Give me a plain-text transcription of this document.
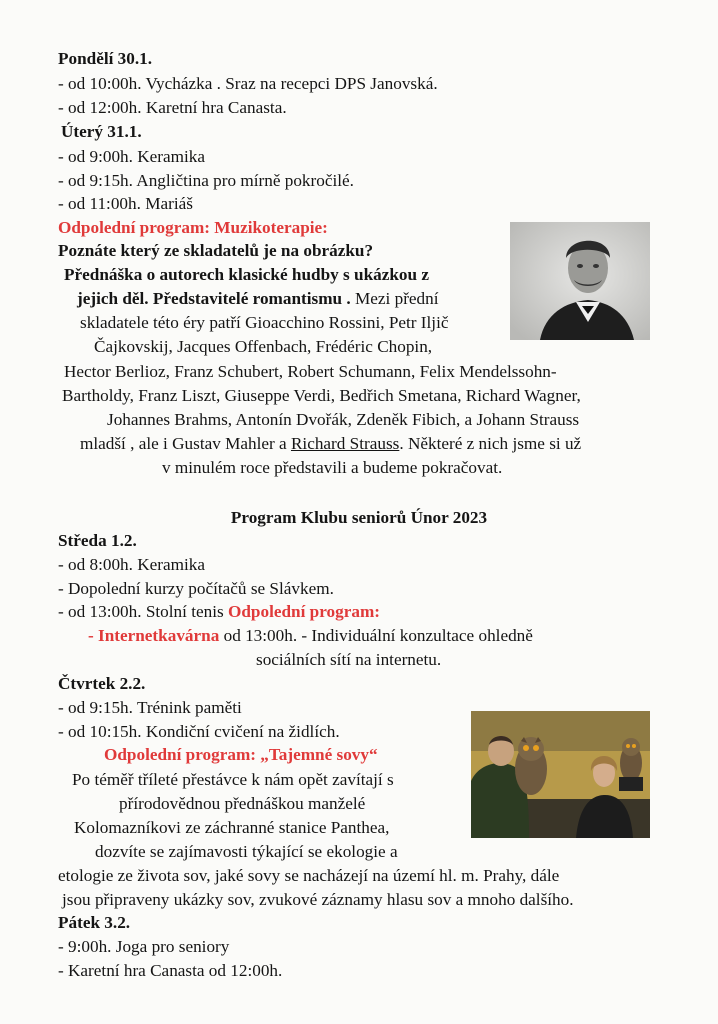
Pondělí 30.1.
- od 10:00h. Vycházka . Sraz na recepci DPS Janovská.
- od 12:00h. Karetní hra Canasta.
Úterý 31.1.
- od 9:00h. Keramika
- od 9:15h. Angličtina pro mírně pokročilé.
- od 11:00h. Mariáš
Odpolední program: Muzikoterapie:
Poznáte který ze skladatelů je na obrázku?
Přednáška o autorech klasické hudby s ukázkou z
jejich děl. Představitelé romantismu . Mezi přední
skladatele této éry patří Gioacchino Rossini, Petr Iljič
Čajkovskij, Jacques Offenbach, Frédéric Chopin,
Hector Berlioz, Franz Schubert, Robert Schumann, Felix Mendelssohn-
Bartholdy, Franz Liszt, Giuseppe Verdi, Bedřich Smetana, Richard Wagner,
Johannes Brahms, Antonín Dvořák, Zdeněk Fibich, a Johann Strauss
mladší , ale i Gustav Mahler a Richard Strauss. Některé z nich jsme si už
v minulém roce představili a budeme pokračovat.
Program Klubu seniorů Únor 2023
Středa 1.2.
- od 8:00h. Keramika
- Dopolední kurzy počítačů se Slávkem.
- od 13:00h. Stolní tenis Odpolední program:
- Internetkavárna od 13:00h. - Individuální konzultace ohledně
sociálních sítí na internetu.
Čtvrtek 2.2.
- od 9:15h. Trénink paměti
- od 10:15h. Kondiční cvičení na židlích.
Odpolední program: „Tajemné sovy“
Po téměř tříleté přestávce k nám opět zavítají s
přírodovědnou přednáškou manželé
Kolomazníkovi ze záchranné stanice Panthea,
dozvíte se zajímavosti týkající se ekologie a
etologie ze života sov, jaké sovy se nacházejí na území hl. m. Prahy, dále
jsou připraveny ukázky sov, zvukové záznamy hlasu sov a mnoho dalšího.
Pátek 3.2.
- 9:00h. Joga pro seniory
- Karetní hra Canasta od 12:00h.
